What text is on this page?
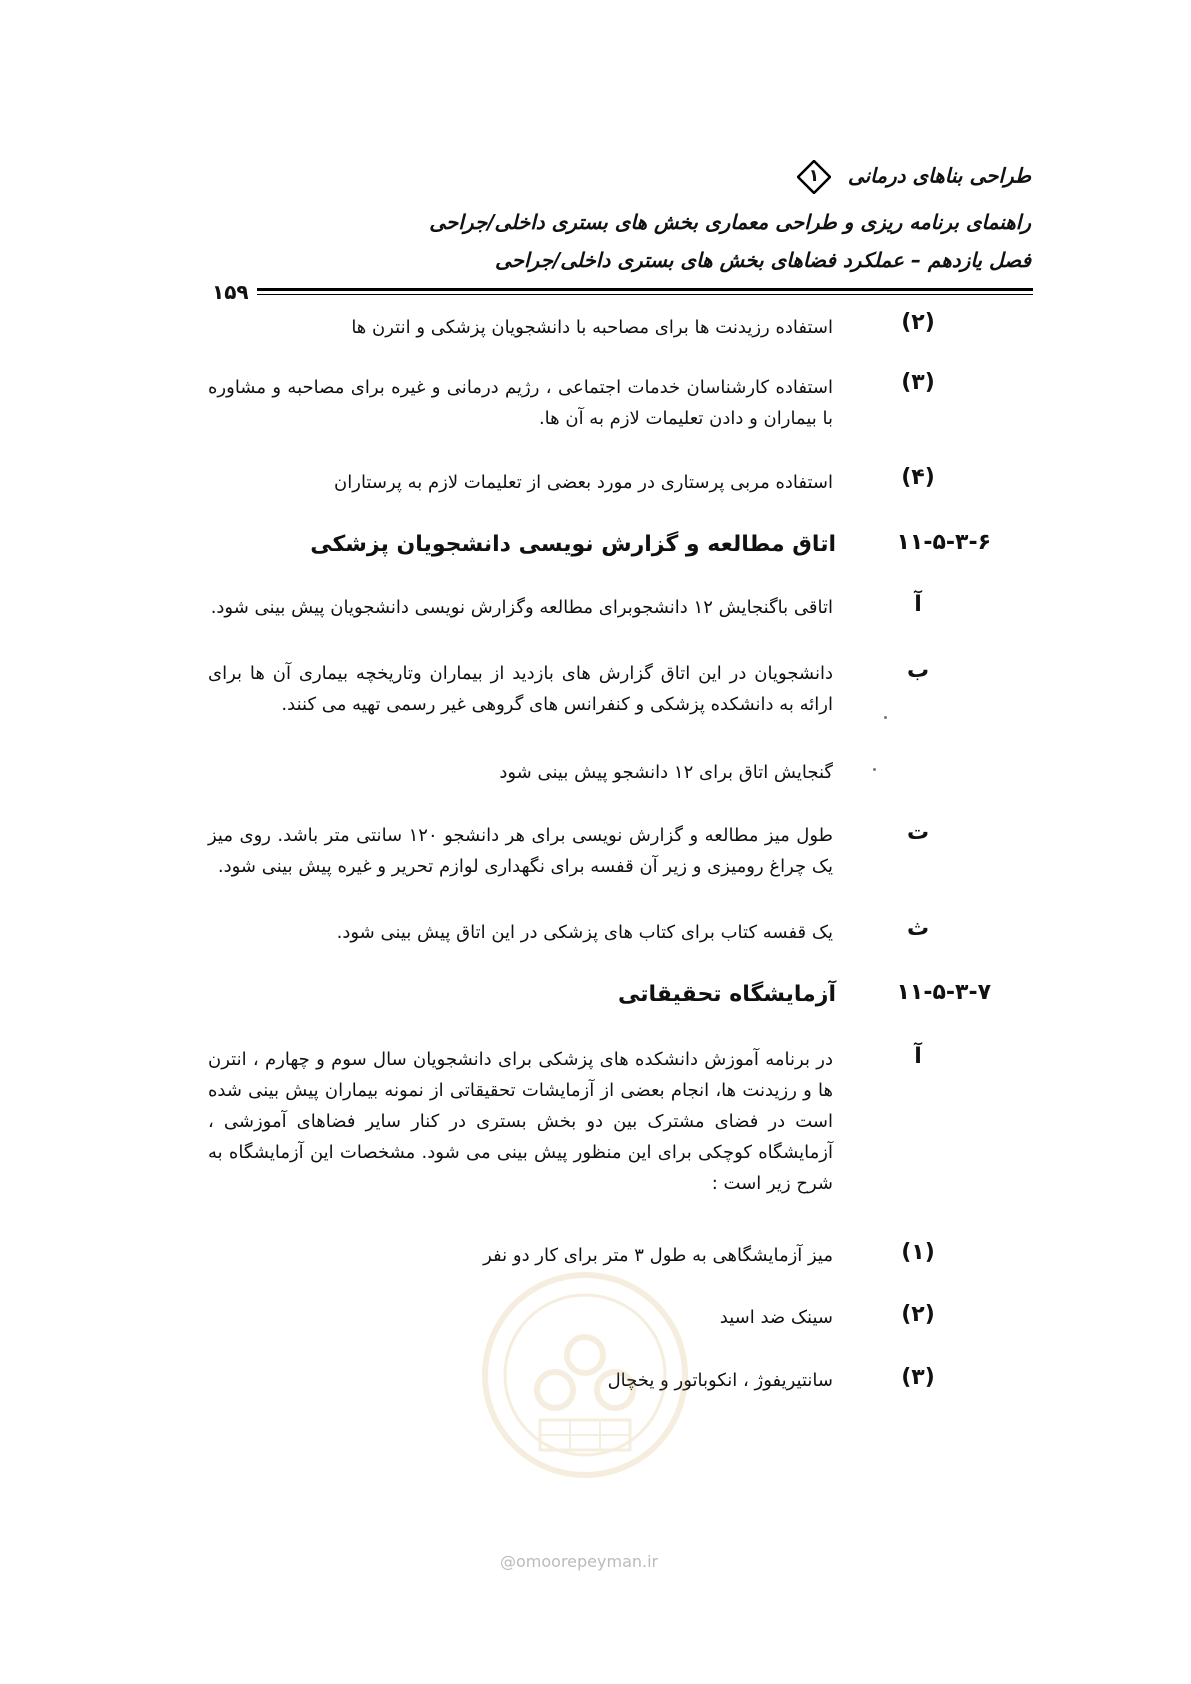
طراحی بناهای درمانی
۱
راهنمای برنامه ریزی و طراحی معماری بخش های بستری داخلی/جراحی
فصل یازدهم – عملکرد فضاهای بخش های بستری داخلی/جراحی
۱۵۹
(۲)
استفاده رزیدنت ها برای مصاحبه با دانشجویان پزشکی و انترن ها
(۳)
استفاده کارشناسان خدمات اجتماعی ، رژیم درمانی و غیره برای مصاحبه و مشاوره با بیماران و دادن تعلیمات لازم به آن ها.
(۴)
استفاده مربی پرستاری در مورد بعضی از تعلیمات لازم به پرستاران
۱۱-۵-۳-۶
اتاق مطالعه و گزارش نویسی دانشجویان پزشکی
آ
اتاقی باگنجایش ۱۲ دانشجوبرای مطالعه وگزارش نویسی دانشجویان پیش بینی شود.
ب
دانشجویان در این اتاق گزارش های بازدید از بیماران وتاریخچه بیماری آن ها برای ارائه به دانشکده پزشکی و کنفرانس های گروهی غیر رسمی تهیه می کنند.
گنجایش اتاق برای ۱۲ دانشجو پیش بینی شود
ت
طول میز مطالعه و گزارش نویسی برای هر دانشجو ۱۲۰ سانتی متر باشد. روی میز یک چراغ رومیزی و زیر آن قفسه برای نگهداری لوازم تحریر و غیره پیش بینی شود.
ث
یک قفسه کتاب برای کتاب های پزشکی در این اتاق پیش بینی شود.
۱۱-۵-۳-۷
آزمایشگاه تحقیقاتی
آ
در برنامه آموزش دانشکده های پزشکی برای دانشجویان سال سوم و چهارم ، انترن ها و رزیدنت ها، انجام بعضی از آزمایشات تحقیقاتی از نمونه بیماران پیش بینی شده است در فضای مشترک بین دو بخش بستری در کنار سایر فضاهای آموزشی ، آزمایشگاه کوچکی برای این منظور پیش بینی می شود. مشخصات این آزمایشگاه به شرح زیر است :
(۱)
میز آزمایشگاهی به طول ۳ متر برای کار دو نفر
(۲)
سینک ضد اسید
(۳)
سانتیریفوژ ، انکوباتور و یخچال
@omoorepeyman.ir
